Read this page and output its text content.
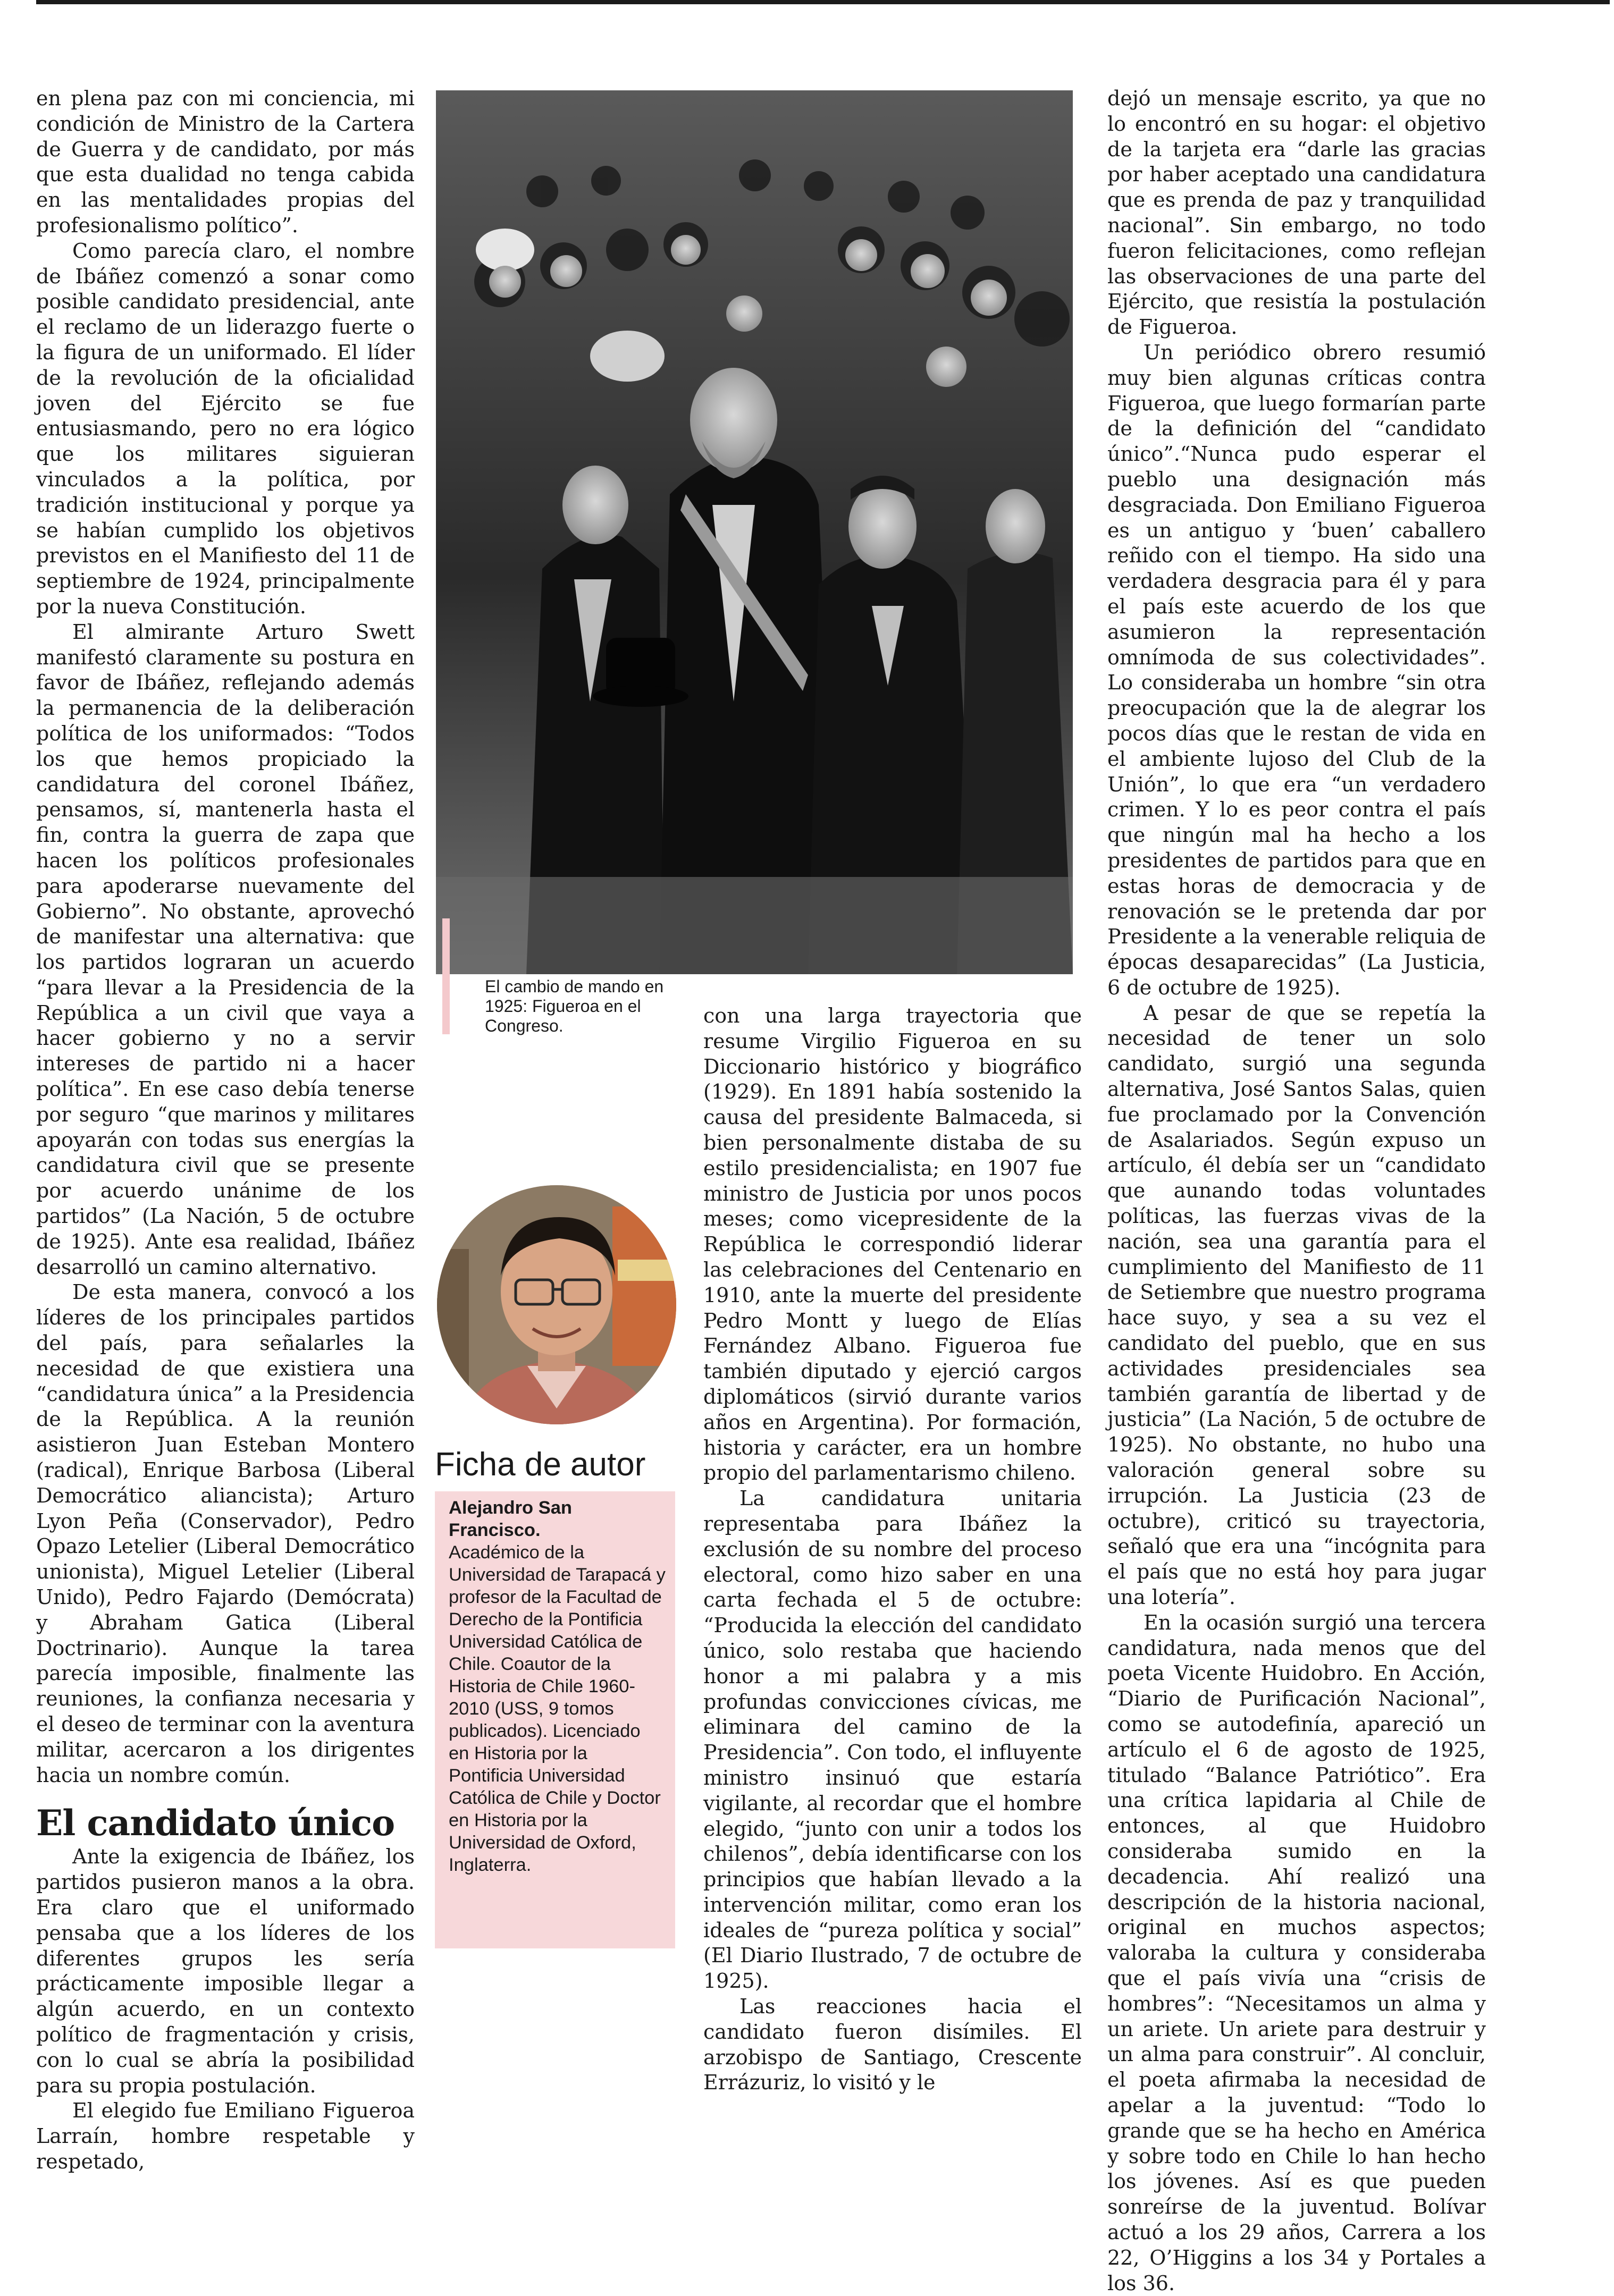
en plena paz con mi conciencia, mi condición de Ministro de la Cartera de Guerra y de candidato, por más que esta dualidad no tenga cabida en las mentalidades propias del profesionalismo político”.

Como parecía claro, el nombre de Ibáñez comenzó a sonar como posible candidato presidencial, ante el reclamo de un liderazgo fuerte o la figura de un uniformado. El líder de la revolución de la oficialidad joven del Ejército se fue entusiasmando, pero no era lógico que los militares siguieran vinculados a la política, por tradición institucional y porque ya se habían cumplido los objetivos previstos en el Manifiesto del 11 de septiembre de 1924, principalmente por la nueva Constitución.

El almirante Arturo Swett manifestó claramente su postura en favor de Ibáñez, reflejando además la permanencia de la deliberación política de los uniformados: “Todos los que hemos propiciado la candidatura del coronel Ibáñez, pensamos, sí, mantenerla hasta el fin, contra la guerra de zapa que hacen los políticos profesionales para apoderarse nuevamente del Gobierno”. No obstante, aprovechó de manifestar una alternativa: que los partidos lograran un acuerdo “para llevar a la Presidencia de la República a un civil que vaya a hacer gobierno y no a servir intereses de partido ni a hacer política”. En ese caso debía tenerse por seguro “que marinos y militares apoyarán con todas sus energías la candidatura civil que se presente por acuerdo unánime de los partidos” (La Nación, 5 de octubre de 1925). Ante esa realidad, Ibáñez desarrolló un camino alternativo.

De esta manera, convocó a los líderes de los principales partidos del país, para señalarles la necesidad de que existiera una “candidatura única” a la Presidencia de la República. A la reunión asistieron Juan Esteban Montero (radical), Enrique Barbosa (Liberal Democrático aliancista); Arturo Lyon Peña (Conservador), Pedro Opazo Letelier (Liberal Democrático unionista), Miguel Letelier (Liberal Unido), Pedro Fajardo (Demócrata) y Abraham Gatica (Liberal Doctrinario). Aunque la tarea parecía imposible, finalmente las reuniones, la confianza necesaria y el deseo de terminar con la aventura militar, acercaron a los dirigentes hacia un nombre común.

El candidato único

Ante la exigencia de Ibáñez, los partidos pusieron manos a la obra. Era claro que el uniformado pensaba que a los líderes de los diferentes grupos les sería prácticamente imposible llegar a algún acuerdo, en un contexto político de fragmentación y crisis, con lo cual se abría la posibilidad para su propia postulación.

El elegido fue Emiliano Figueroa Larraín, hombre respetable y respetado,

El cambio de mando en 1925: Figueroa en el Congreso.	con una larga trayectoria que resume Virgilio Figueroa en su Diccionario histórico y biográfico (1929). En 1891 había sostenido la causa del presidente Balmaceda, si bien personalmente distaba de su estilo presidencialista; en 1907 fue ministro de Justicia por unos pocos meses; como vicepresidente de la República le correspondió liderar las celebraciones del Centenario en 1910, ante la muerte del presidente Pedro Montt y luego de Elías Fernández Albano. Figueroa fue también diputado y ejerció cargos diplomáticos (sirvió durante varios años en Argentina). Por formación, historia y carácter, era un hombre propio del parlamentarismo chileno.

La candidatura unitaria representaba para Ibáñez la exclusión de su nombre del proceso electoral, como hizo saber en una carta fechada el 5 de octubre: “Producida la elección del candidato único, solo restaba que haciendo honor a mi palabra y a mis profundas convicciones cívicas, me eliminara del camino de la Presidencia”. Con todo, el influyente ministro insinuó que estaría vigilante, al recordar que el hombre elegido, “junto con unir a todos los chilenos”, debía identificarse con los principios que habían llevado a la intervención militar, como eran los ideales de “pureza política y social” (El Diario Ilustrado, 7 de octubre de 1925).

Las reacciones hacia el candidato fueron disímiles. El arzobispo de Santiago, Crescente Errázuriz, lo visitó y le

dejó un mensaje escrito, ya que no lo encontró en su hogar: el objetivo de la tarjeta era “darle las gracias por haber aceptado una candidatura que es prenda de paz y tranquilidad nacional”. Sin embargo, no todo fueron felicitaciones, como reflejan las observaciones de una parte del Ejército, que resistía la postulación de Figueroa.

Un periódico obrero resumió muy bien algunas críticas contra Figueroa, que luego formarían parte de la definición del “candidato único”.“Nunca pudo esperar el pueblo una designación más desgraciada. Don Emiliano Figueroa es un antiguo y ‘buen’ caballero reñido con el tiempo. Ha sido una verdadera desgracia para él y para el país este acuerdo de los que asumieron la representación omnímoda de sus colectividades”. Lo consideraba un hombre “sin otra preocupación que la de alegrar los pocos días que le restan de vida en el ambiente lujoso del Club de la Unión”, lo que era “un verdadero crimen. Y lo es peor contra el país que ningún mal ha hecho a los presidentes de partidos para que en estas horas de democracia y de renovación se le pretenda dar por Presidente a la venerable reliquia de épocas desaparecidas” (La Justicia, 6 de octubre de 1925).

A pesar de que se repetía la necesidad de tener un solo candidato, surgió una segunda alternativa, José Santos Salas, quien fue proclamado por la Convención de Asalariados. Según expuso un artículo, él debía ser un “candidato que aunando todas voluntades políticas, las fuerzas vivas de la nación, sea una garantía para el cumplimiento del Manifiesto de 11 de Setiembre que nuestro programa hace suyo, y sea a su vez el candidato del pueblo, que en sus actividades presidenciales sea también garantía de libertad y de justicia” (La Nación, 5 de octubre de 1925). No obstante, no hubo una valoración general sobre su irrupción. La Justicia (23 de octubre), criticó su trayectoria, señaló que era una “incógnita para el país que no está hoy para jugar una lotería”.

En la ocasión surgió una tercera candidatura, nada menos que del poeta Vicente Huidobro. En Acción, “Diario de Purificación Nacional”, como se autodefinía, apareció un artículo el 6 de agosto de 1925, titulado “Balance Patriótico”. Era una crítica lapidaria al Chile de entonces, al que Huidobro consideraba sumido en la decadencia. Ahí realizó una descripción de la historia nacional, original en muchos aspectos; valoraba la cultura y consideraba que el país vivía una “crisis de hombres”: “Necesitamos un alma y un ariete. Un ariete para destruir y un alma para construir”. Al concluir, el poeta afirmaba la necesidad de apelar a la juventud: “Todo lo grande que se ha hecho en América y sobre todo en Chile lo han hecho los jóvenes. Así es que pueden sonreírse de la juventud. Bolívar actuó a los 29 años, Carrera a los 22, O’Higgins a los 34 y Portales a los 36.

Ficha de autor
Alejandro San Francisco.
Académico de la Universidad de Tarapacá y profesor de la Facultad de Derecho de la Pontificia Universidad Católica de Chile. Coautor de la Historia de Chile 1960-2010 (USS, 9 tomos publicados). Licenciado en Historia por la Pontificia Universidad Católica de Chile y Doctor en Historia por la Universidad de Oxford, Inglaterra.
